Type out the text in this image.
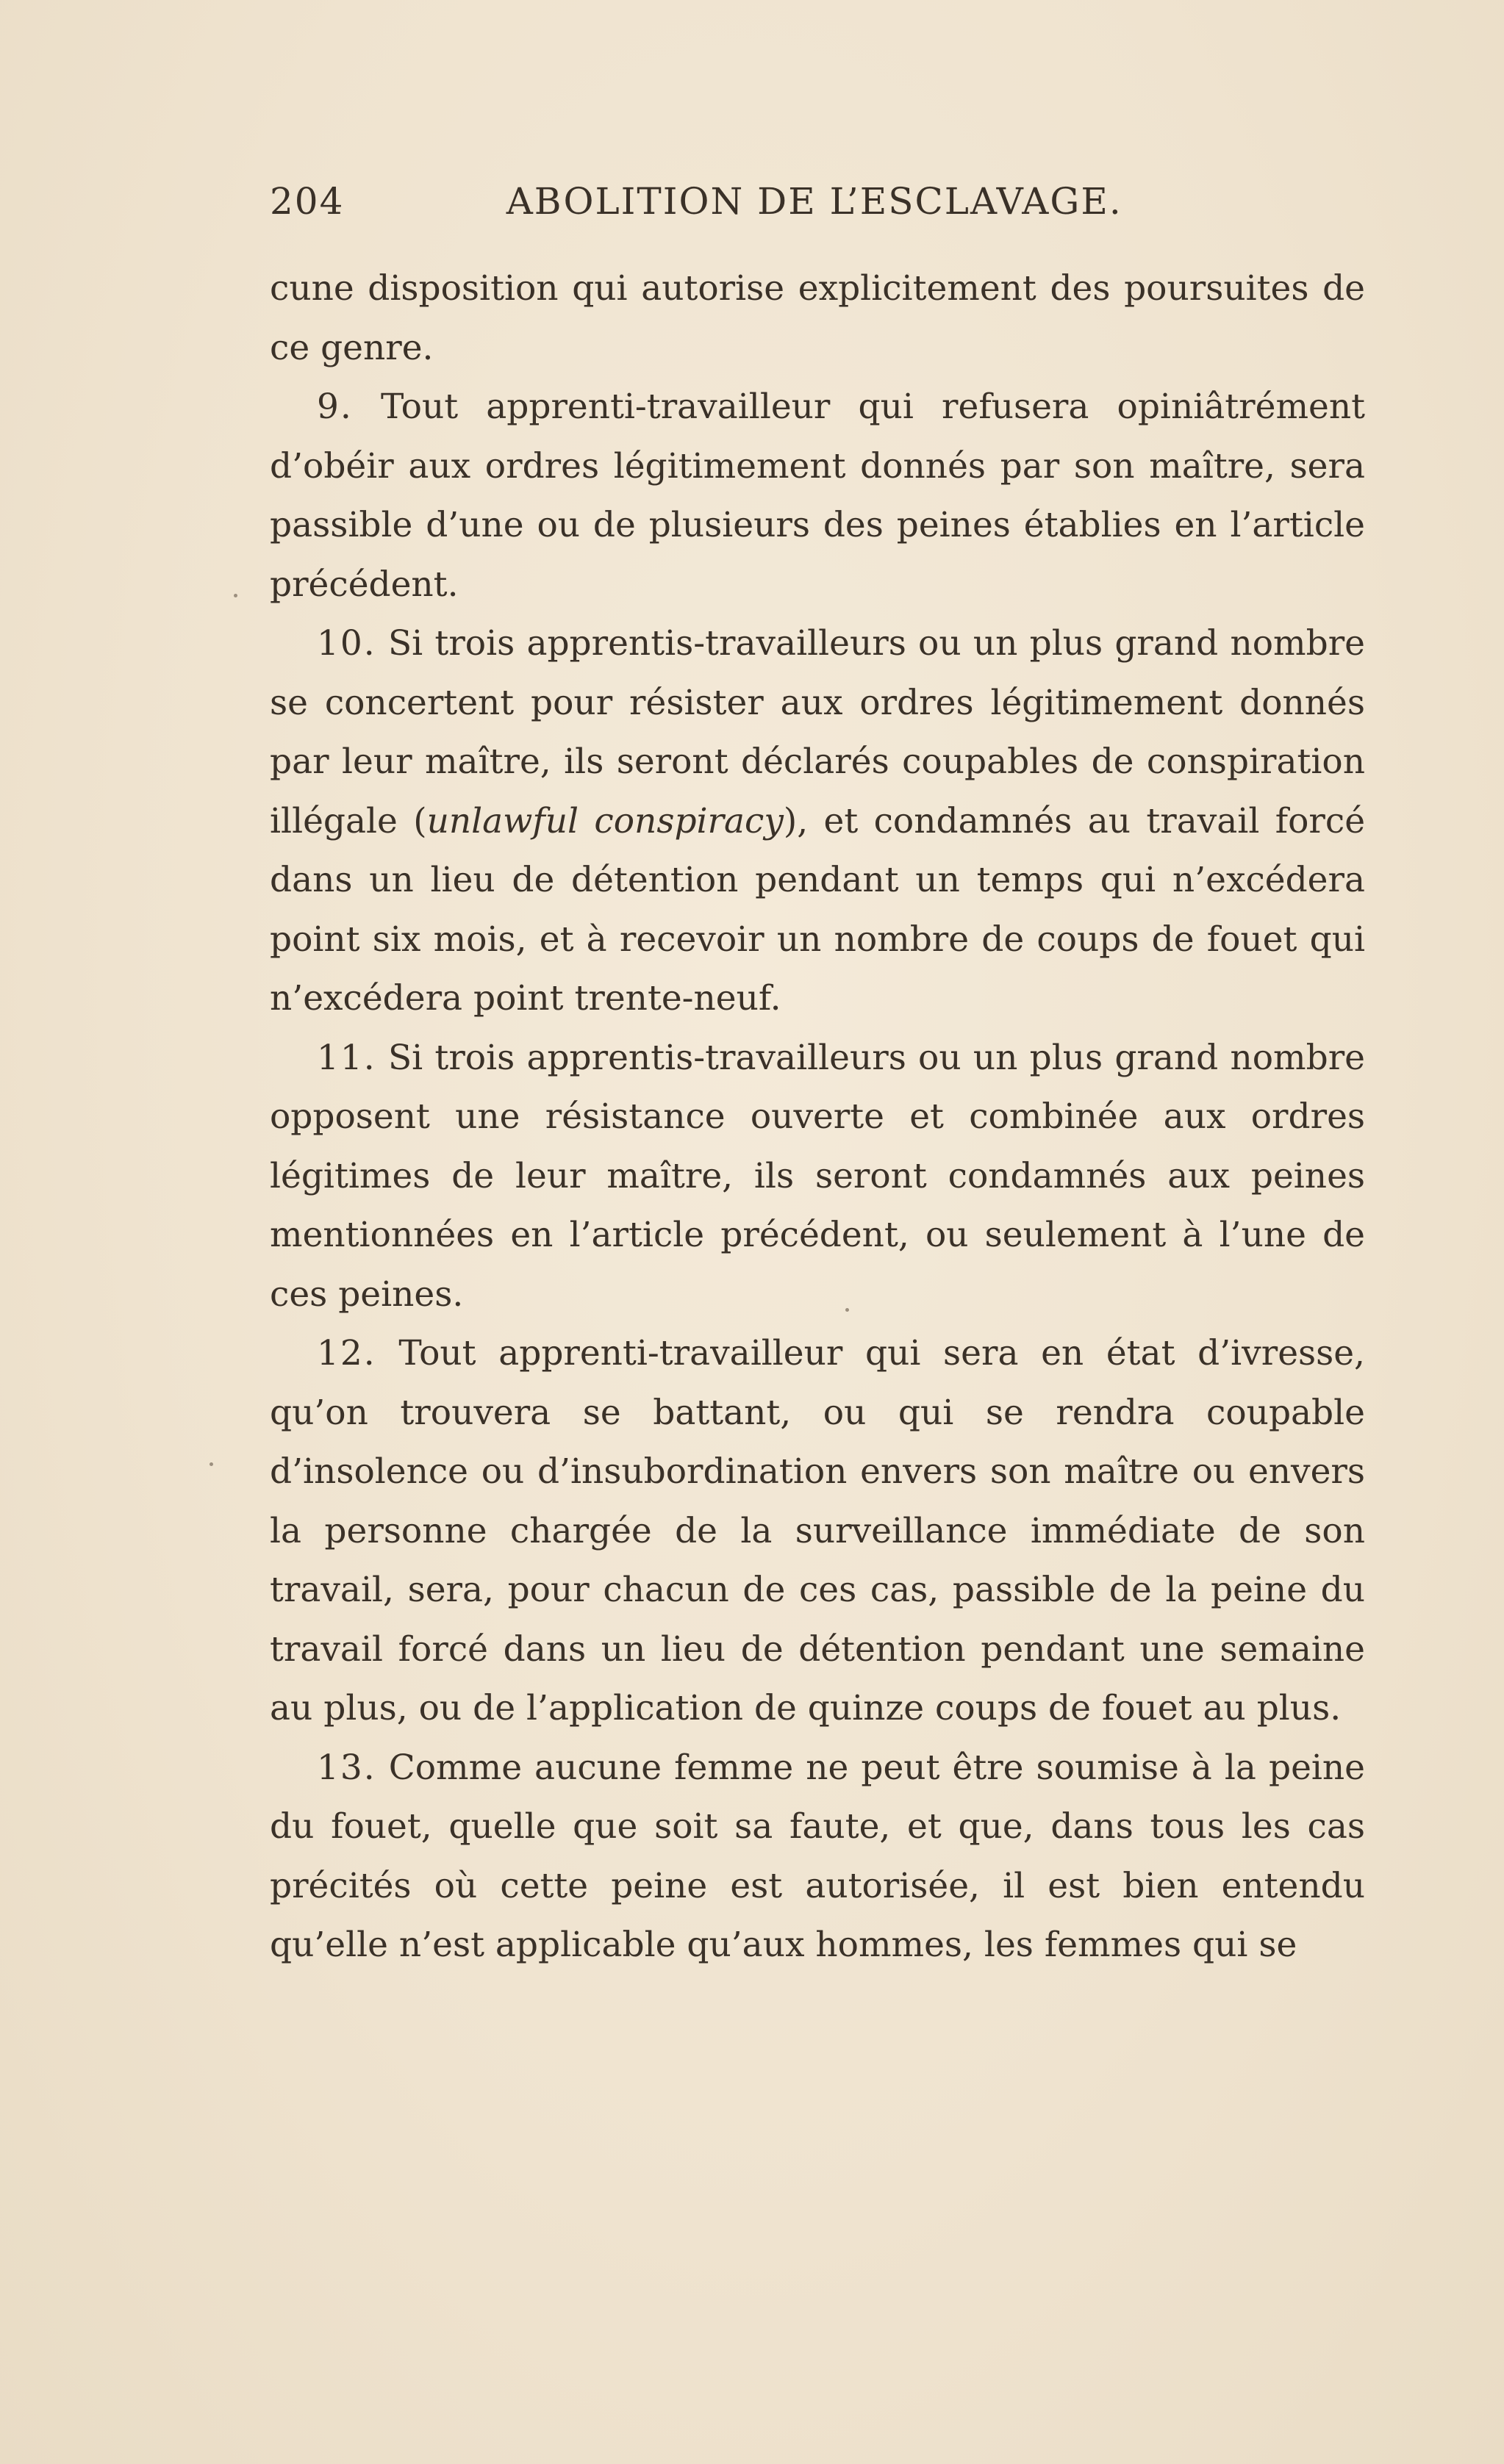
204	ABOLITION DE L’ESCLAVAGE.

cune disposition qui autorise explicitement des poursuites de ce genre.

9. Tout apprenti-travailleur qui refusera opiniâtrément d’obéir aux ordres légitimement donnés par son maître, sera passible d’une ou de plusieurs des peines établies en l’article précédent.

10. Si trois apprentis-travailleurs ou un plus grand nombre se concertent pour résister aux ordres légitimement donnés par leur maître, ils seront déclarés coupables de conspiration illégale (unlawful conspiracy), et condamnés au travail forcé dans un lieu de détention pendant un temps qui n’excédera point six mois, et à recevoir un nombre de coups de fouet qui n’excédera point trente-neuf.

11. Si trois apprentis-travailleurs ou un plus grand nombre opposent une résistance ouverte et combinée aux ordres légitimes de leur maître, ils seront condamnés aux peines mentionnées en l’article précédent, ou seulement à l’une de ces peines.

12. Tout apprenti-travailleur qui sera en état d’ivresse, qu’on trouvera se battant, ou qui se rendra coupable d’insolence ou d’insubordination envers son maître ou envers la personne chargée de la surveillance immédiate de son travail, sera, pour chacun de ces cas, passible de la peine du travail forcé dans un lieu de détention pendant une semaine au plus, ou de l’application de quinze coups de fouet au plus.

13. Comme aucune femme ne peut être soumise à la peine du fouet, quelle que soit sa faute, et que, dans tous les cas précités où cette peine est autorisée, il est bien entendu qu’elle n’est applicable qu’aux hommes, les femmes qui se
